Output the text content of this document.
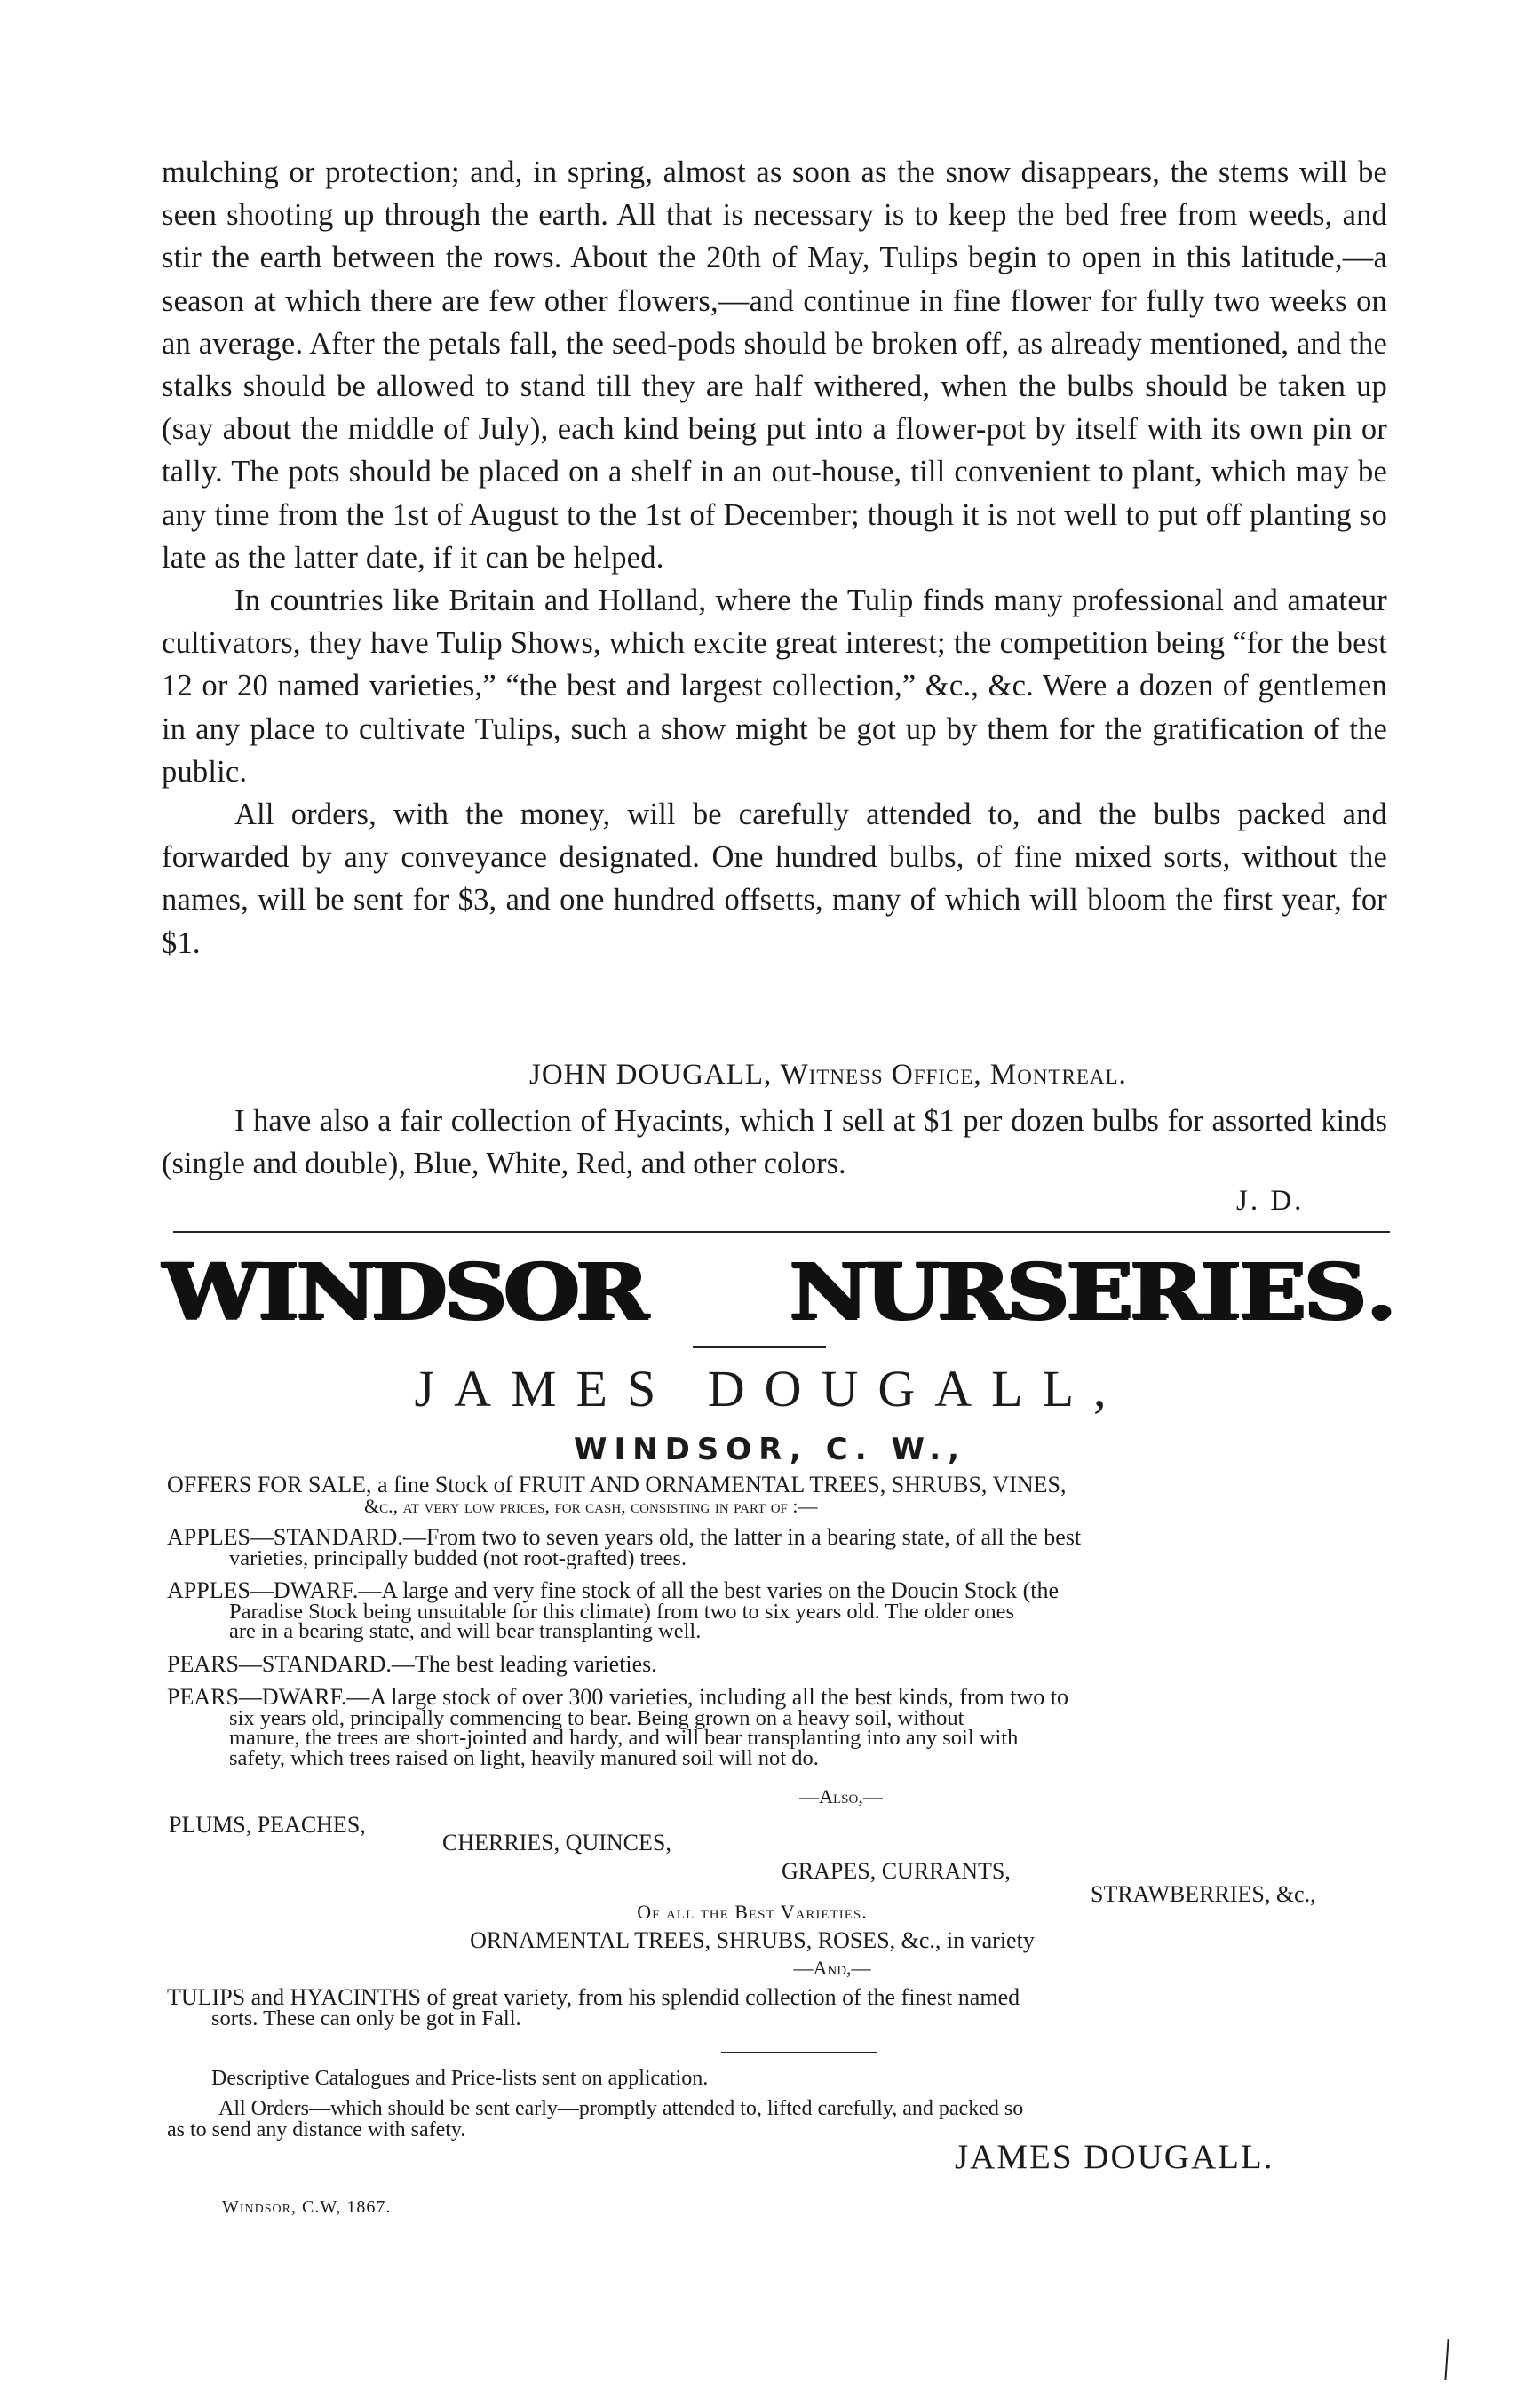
mulching or protection; and, in spring, almost as soon as the snow disappears, the stems will be seen shooting up through the earth. All that is necessary is to keep the bed free from weeds, and stir the earth between the rows. About the 20th of May, Tulips begin to open in this latitude,—a season at which there are few other flowers,—and continue in fine flower for fully two weeks on an average. After the petals fall, the seed-pods should be broken off, as already mentioned, and the stalks should be allowed to stand till they are half withered, when the bulbs should be taken up (say about the middle of July), each kind being put into a flower-pot by itself with its own pin or tally. The pots should be placed on a shelf in an out-house, till convenient to plant, which may be any time from the 1st of August to the 1st of December; though it is not well to put off planting so late as the latter date, if it can be helped.

In countries like Britain and Holland, where the Tulip finds many professional and amateur cultivators, they have Tulip Shows, which excite great interest; the competition being “for the best 12 or 20 named varieties,” “the best and largest collection,” &c., &c. Were a dozen of gentlemen in any place to cultivate Tulips, such a show might be got up by them for the gratification of the public.

All orders, with the money, will be carefully attended to, and the bulbs packed and forwarded by any conveyance designated. One hundred bulbs, of fine mixed sorts, without the names, will be sent for $3, and one hundred offsetts, many of which will bloom the first year, for $1.

JOHN DOUGALL, Witness Office, Montreal.

I have also a fair collection of Hyacints, which I sell at $1 per dozen bulbs for assorted kinds (single and double), Blue, White, Red, and other colors.

J. D.
W
I
N
D
S
O
R N
U
R
S
E
R
I
E
S .
JAMES DOUGALL,
WINDSOR, C. W.,
OFFERS FOR SALE, a fine Stock of FRUIT AND ORNAMENTAL TREES, SHRUBS, VINES,
&c., at very low prices, for cash, consisting in part of :—
APPLES—STANDARD.—From two to seven years old, the latter in a bearing state, of all the best
varieties, principally budded (not root-grafted) trees.
APPLES—DWARF.—A large and very fine stock of all the best varies on the Doucin Stock (the
Paradise Stock being unsuitable for this climate) from two to six years old. The older ones
are in a bearing state, and will bear transplanting well.
PEARS—STANDARD.—The best leading varieties.
PEARS—DWARF.—A large stock of over 300 varieties, including all the best kinds, from two to
six years old, principally commencing to bear. Being grown on a heavy soil, without
manure, the trees are short-jointed and hardy, and will bear transplanting into any soil with
safety, which trees raised on light, heavily manured soil will not do.
—Also,—
PLUMS, PEACHES,
CHERRIES, QUINCES,
GRAPES, CURRANTS,
STRAWBERRIES, &c.,
Of all the Best Varieties.
ORNAMENTAL TREES, SHRUBS, ROSES, &c., in variety
—And,—
TULIPS and HYACINTHS of great variety, from his splendid collection of the finest named
sorts. These can only be got in Fall.
Descriptive Catalogues and Price-lists sent on application.
All Orders—which should be sent early—promptly attended to, lifted carefully, and packed so
as to send any distance with safety.
JAMES DOUGALL.
Windsor, C.W, 1867.
